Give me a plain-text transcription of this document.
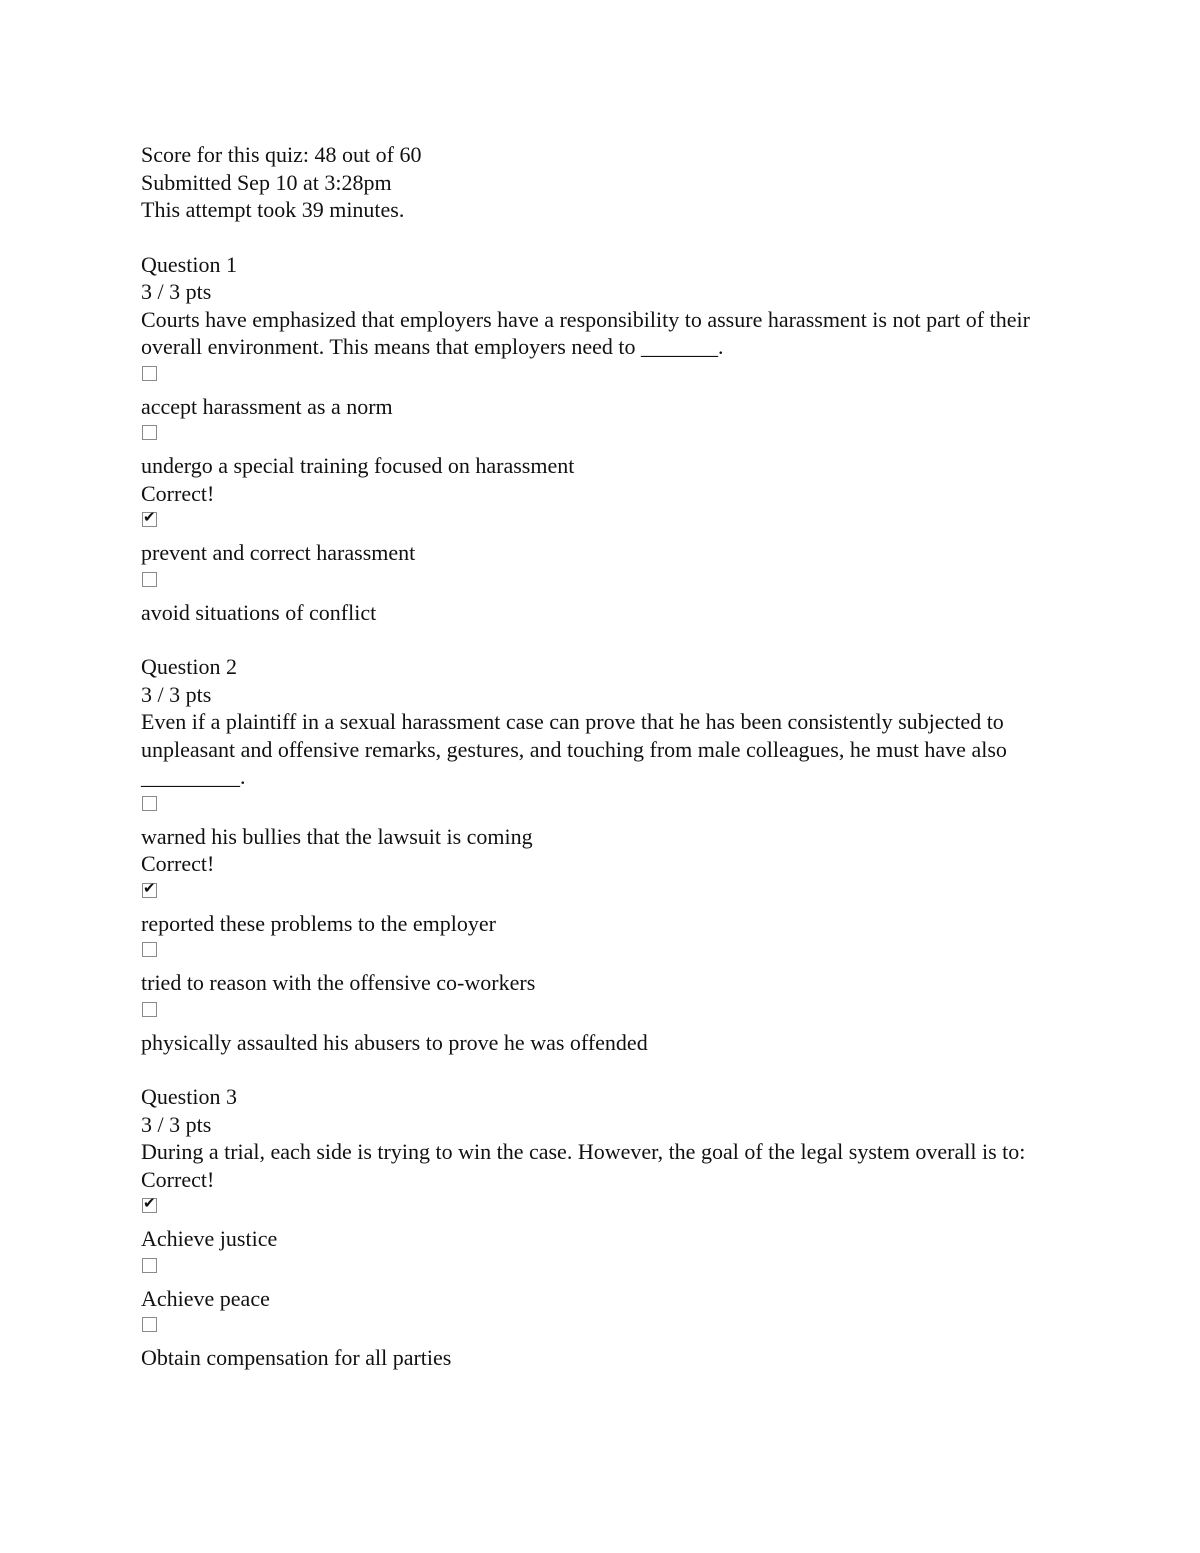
Score for this quiz: 48 out of 60
Submitted Sep 10 at 3:28pm
This attempt took 39 minutes.
Question 1
3 / 3 pts
Courts have emphasized that employers have a responsibility to assure harassment is not part of their overall environment. This means that employers need to _______.
accept harassment as a norm
undergo a special training focused on harassment
Correct!
✔
prevent and correct harassment
avoid situations of conflict
Question 2
3 / 3 pts
Even if a plaintiff in a sexual harassment case can prove that he has been consistently subjected to unpleasant and offensive remarks, gestures, and touching from male colleagues, he must have also _________.
warned his bullies that the lawsuit is coming
Correct!
✔
reported these problems to the employer
tried to reason with the offensive co-workers
physically assaulted his abusers to prove he was offended
Question 3
3 / 3 pts
During a trial, each side is trying to win the case. However, the goal of the legal system overall is to:
Correct!
✔
Achieve justice
Achieve peace
Obtain compensation for all parties
